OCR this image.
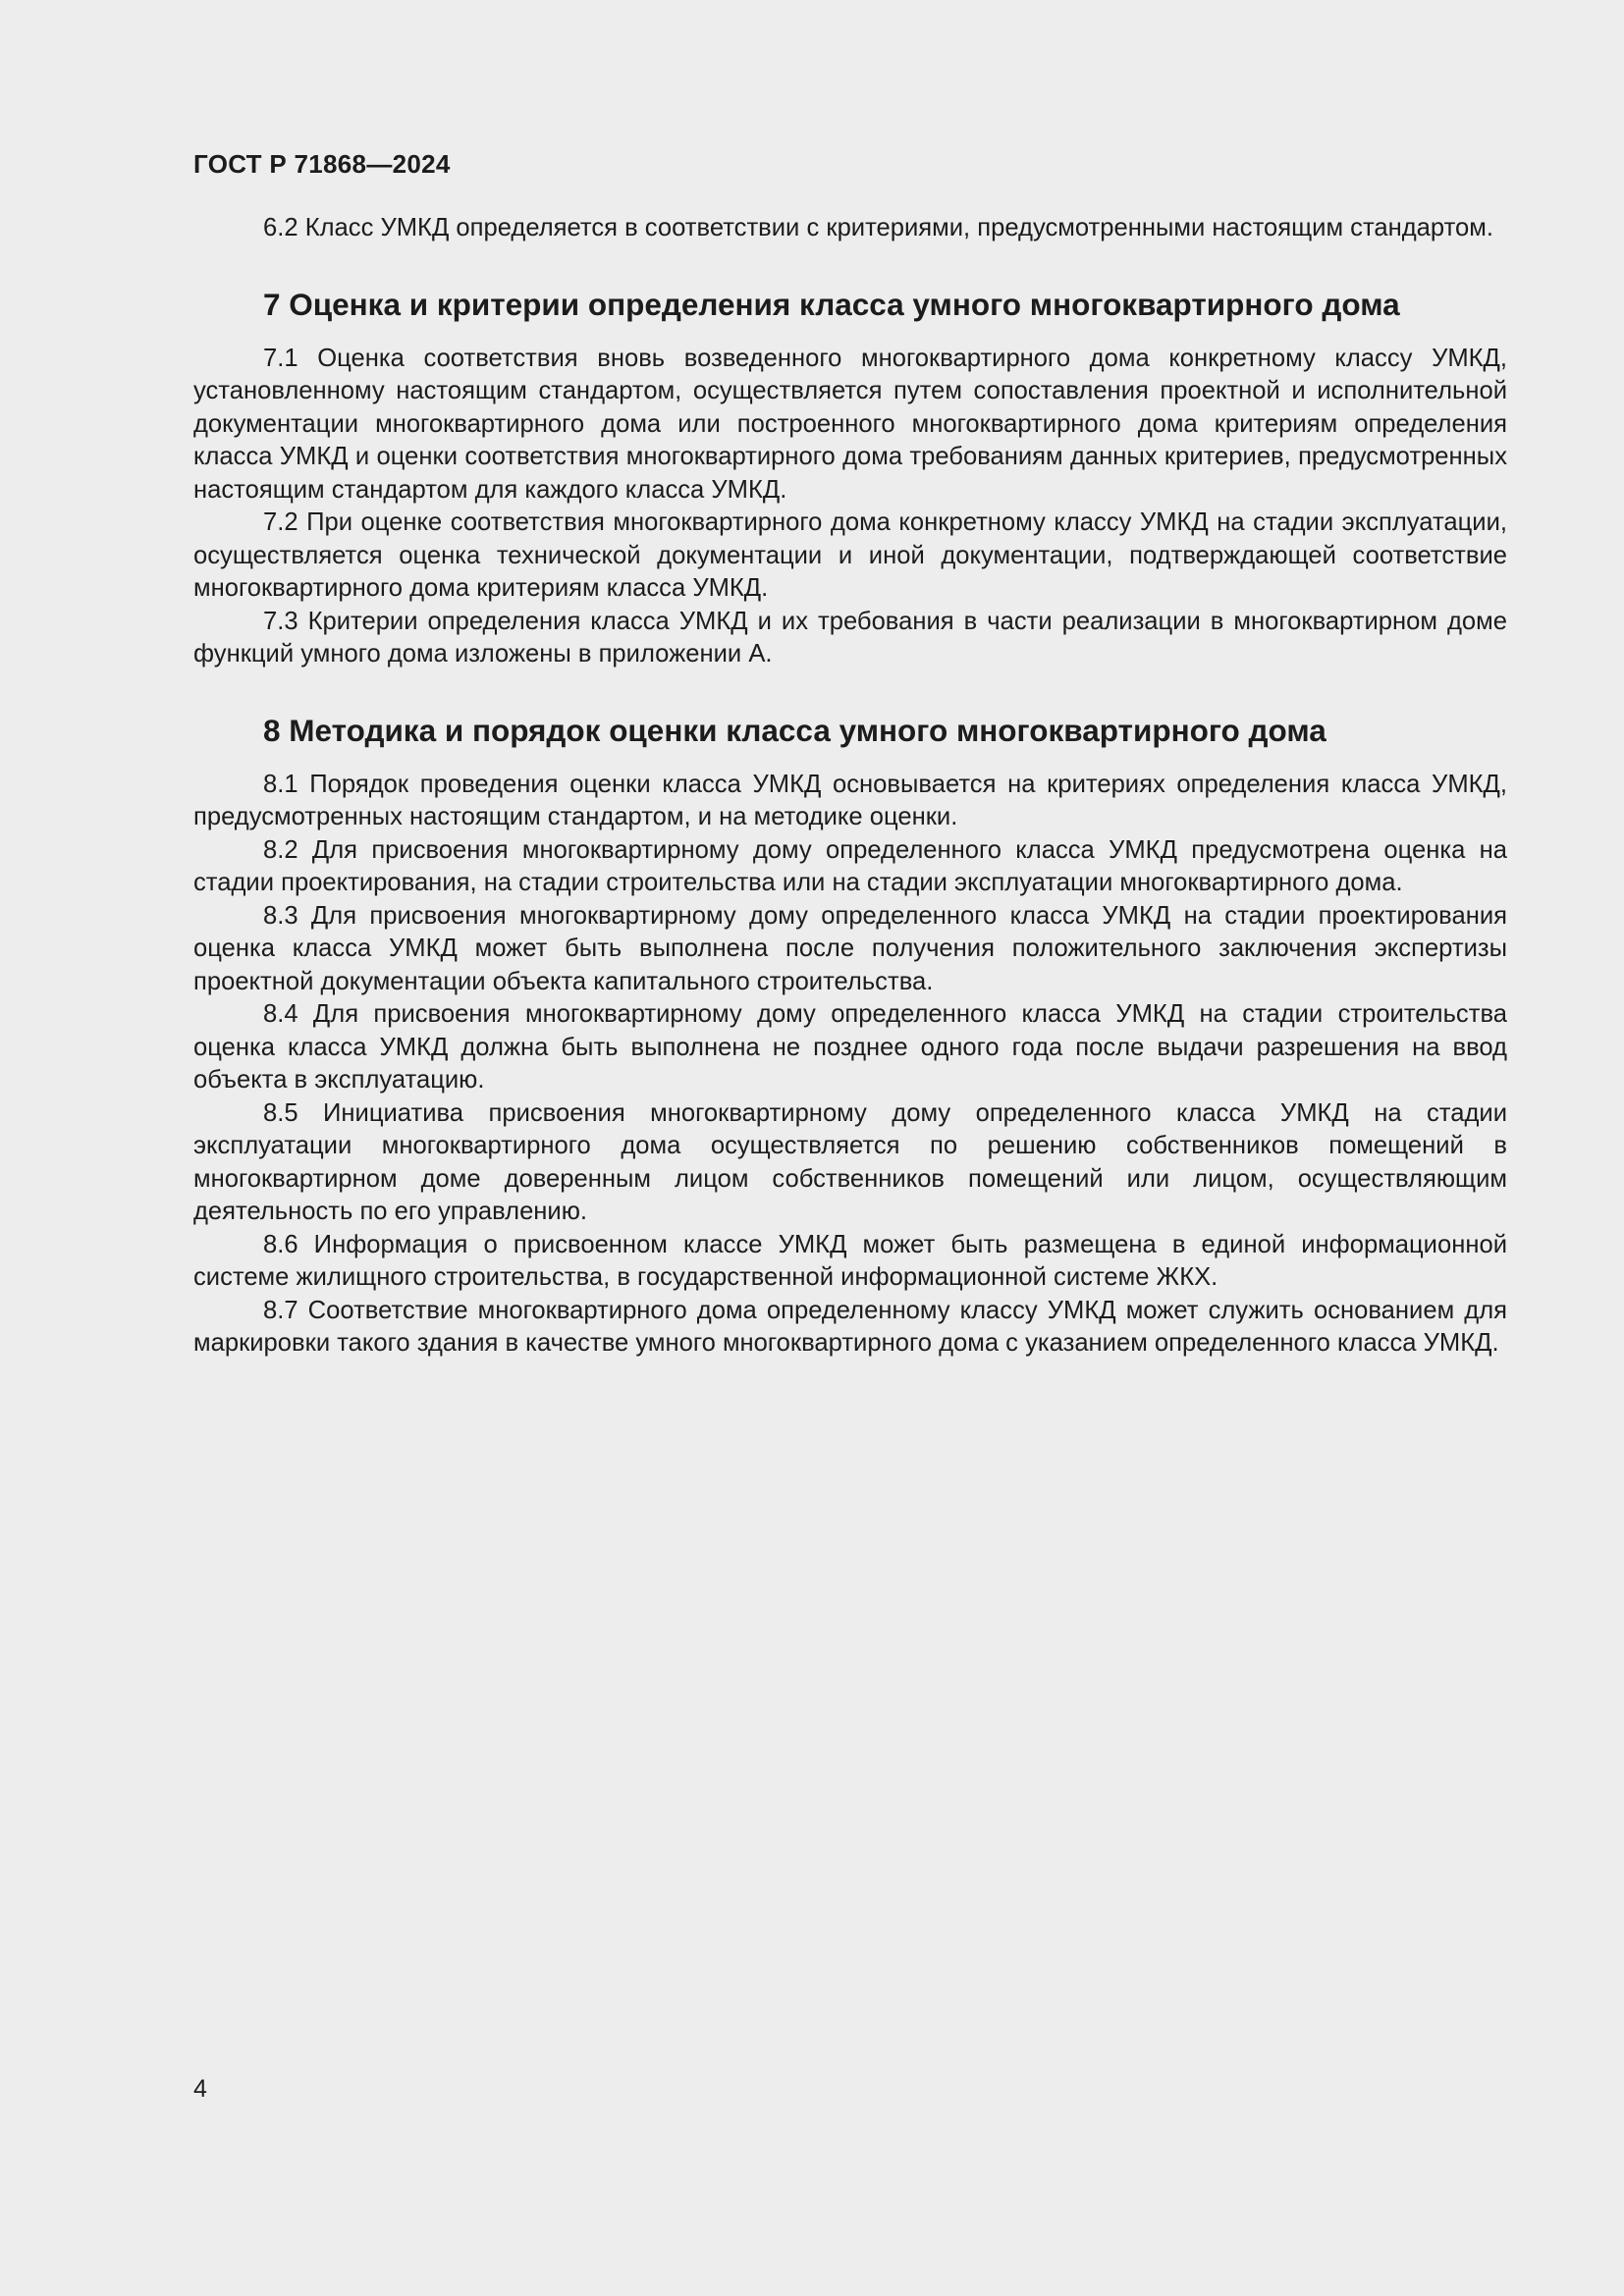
ГОСТ Р 71868—2024

6.2 Класс УМКД определяется в соответствии с критериями, предусмотренными настоящим стандартом.

7 Оценка и критерии определения класса умного многоквартирного дома

7.1 Оценка соответствия вновь возведенного многоквартирного дома конкретному классу УМКД, установленному настоящим стандартом, осуществляется путем сопоставления проектной и исполнительной документации многоквартирного дома или построенного многоквартирного дома критериям определения класса УМКД и оценки соответствия многоквартирного дома требованиям данных критериев, предусмотренных настоящим стандартом для каждого класса УМКД.

7.2 При оценке соответствия многоквартирного дома конкретному классу УМКД на стадии эксплуатации, осуществляется оценка технической документации и иной документации, подтверждающей соответствие многоквартирного дома критериям класса УМКД.

7.3 Критерии определения класса УМКД и их требования в части реализации в многоквартирном доме функций умного дома изложены в приложении А.

8 Методика и порядок оценки класса умного многоквартирного дома

8.1 Порядок проведения оценки класса УМКД основывается на критериях определения класса УМКД, предусмотренных настоящим стандартом, и на методике оценки.

8.2 Для присвоения многоквартирному дому определенного класса УМКД предусмотрена оценка на стадии проектирования, на стадии строительства или на стадии эксплуатации многоквартирного дома.

8.3 Для присвоения многоквартирному дому определенного класса УМКД на стадии проектирования оценка класса УМКД может быть выполнена после получения положительного заключения экспертизы проектной документации объекта капитального строительства.

8.4 Для присвоения многоквартирному дому определенного класса УМКД на стадии строительства оценка класса УМКД должна быть выполнена не позднее одного года после выдачи разрешения на ввод объекта в эксплуатацию.

8.5 Инициатива присвоения многоквартирному дому определенного класса УМКД на стадии эксплуатации многоквартирного дома осуществляется по решению собственников помещений в многоквартирном доме доверенным лицом собственников помещений или лицом, осуществляющим деятельность по его управлению.

8.6 Информация о присвоенном классе УМКД может быть размещена в единой информационной системе жилищного строительства, в государственной информационной системе ЖКХ.

8.7 Соответствие многоквартирного дома определенному классу УМКД может служить основанием для маркировки такого здания в качестве умного многоквартирного дома с указанием определенного класса УМКД.

4
